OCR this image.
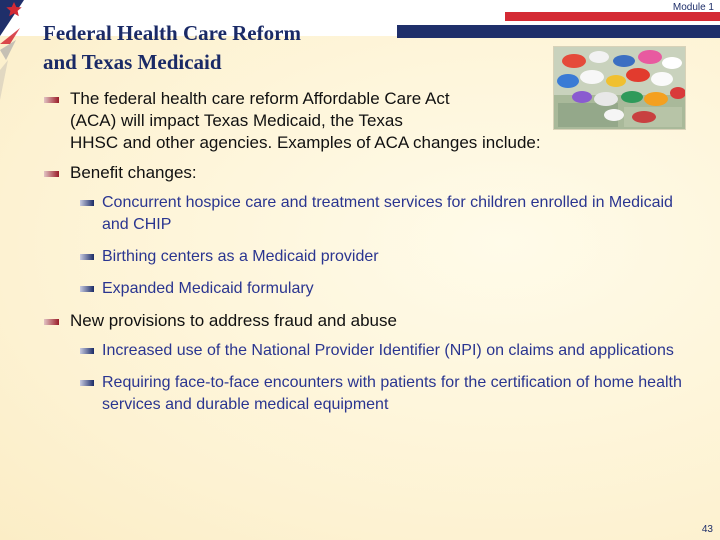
Module 1
Federal Health Care Reform
and Texas Medicaid
The federal health care reform Affordable Care Act
(ACA) will impact Texas Medicaid, the Texas
HHSC and other agencies. Examples of ACA changes include:
Benefit changes:
Concurrent hospice care and treatment services for children enrolled in Medicaid and CHIP
Birthing centers as a Medicaid provider
Expanded Medicaid formulary
New provisions to address fraud and abuse
Increased use of the National Provider Identifier (NPI) on claims and applications
Requiring face-to-face encounters with patients for the certification of home health services and durable medical equipment
43
